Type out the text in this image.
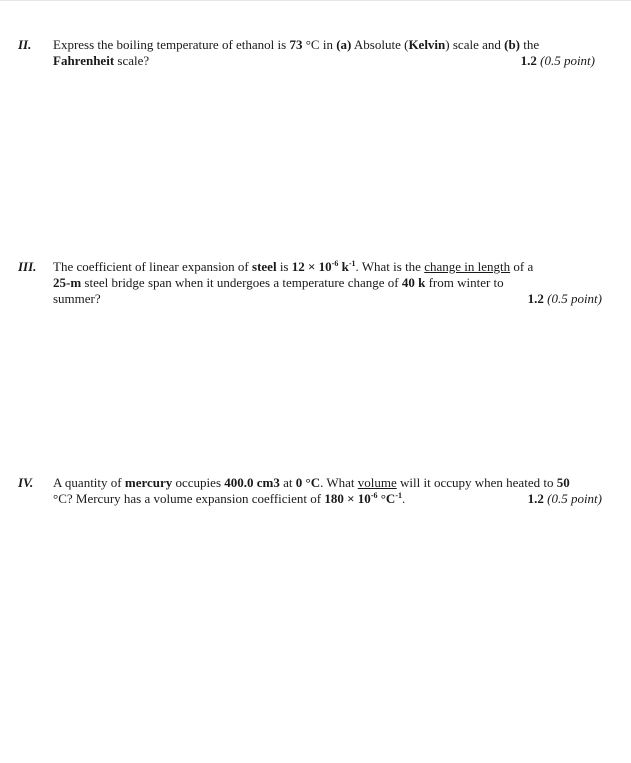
II. Express the boiling temperature of ethanol is 73 °C in (a) Absolute (Kelvin) scale and (b) the
Fahrenheit scale?	1.2 (0.5 point)
III. The coefficient of linear expansion of steel is $12 \times 10^{-6}$ $k^{-1}$. What is the change in length of a
25-m steel bridge span when it undergoes a temperature change of 40 k from winter to
summer?	1.2 (0.5 point)
IV. A quantity of mercury occupies 400.0 cm3 at 0 °C. What volume will it occupy when heated to 50
°C? Mercury has a volume expansion coefficient of $180 \times 10^{-6}$ $^\circ C^{-1}$.	1.2 (0.5 point)
